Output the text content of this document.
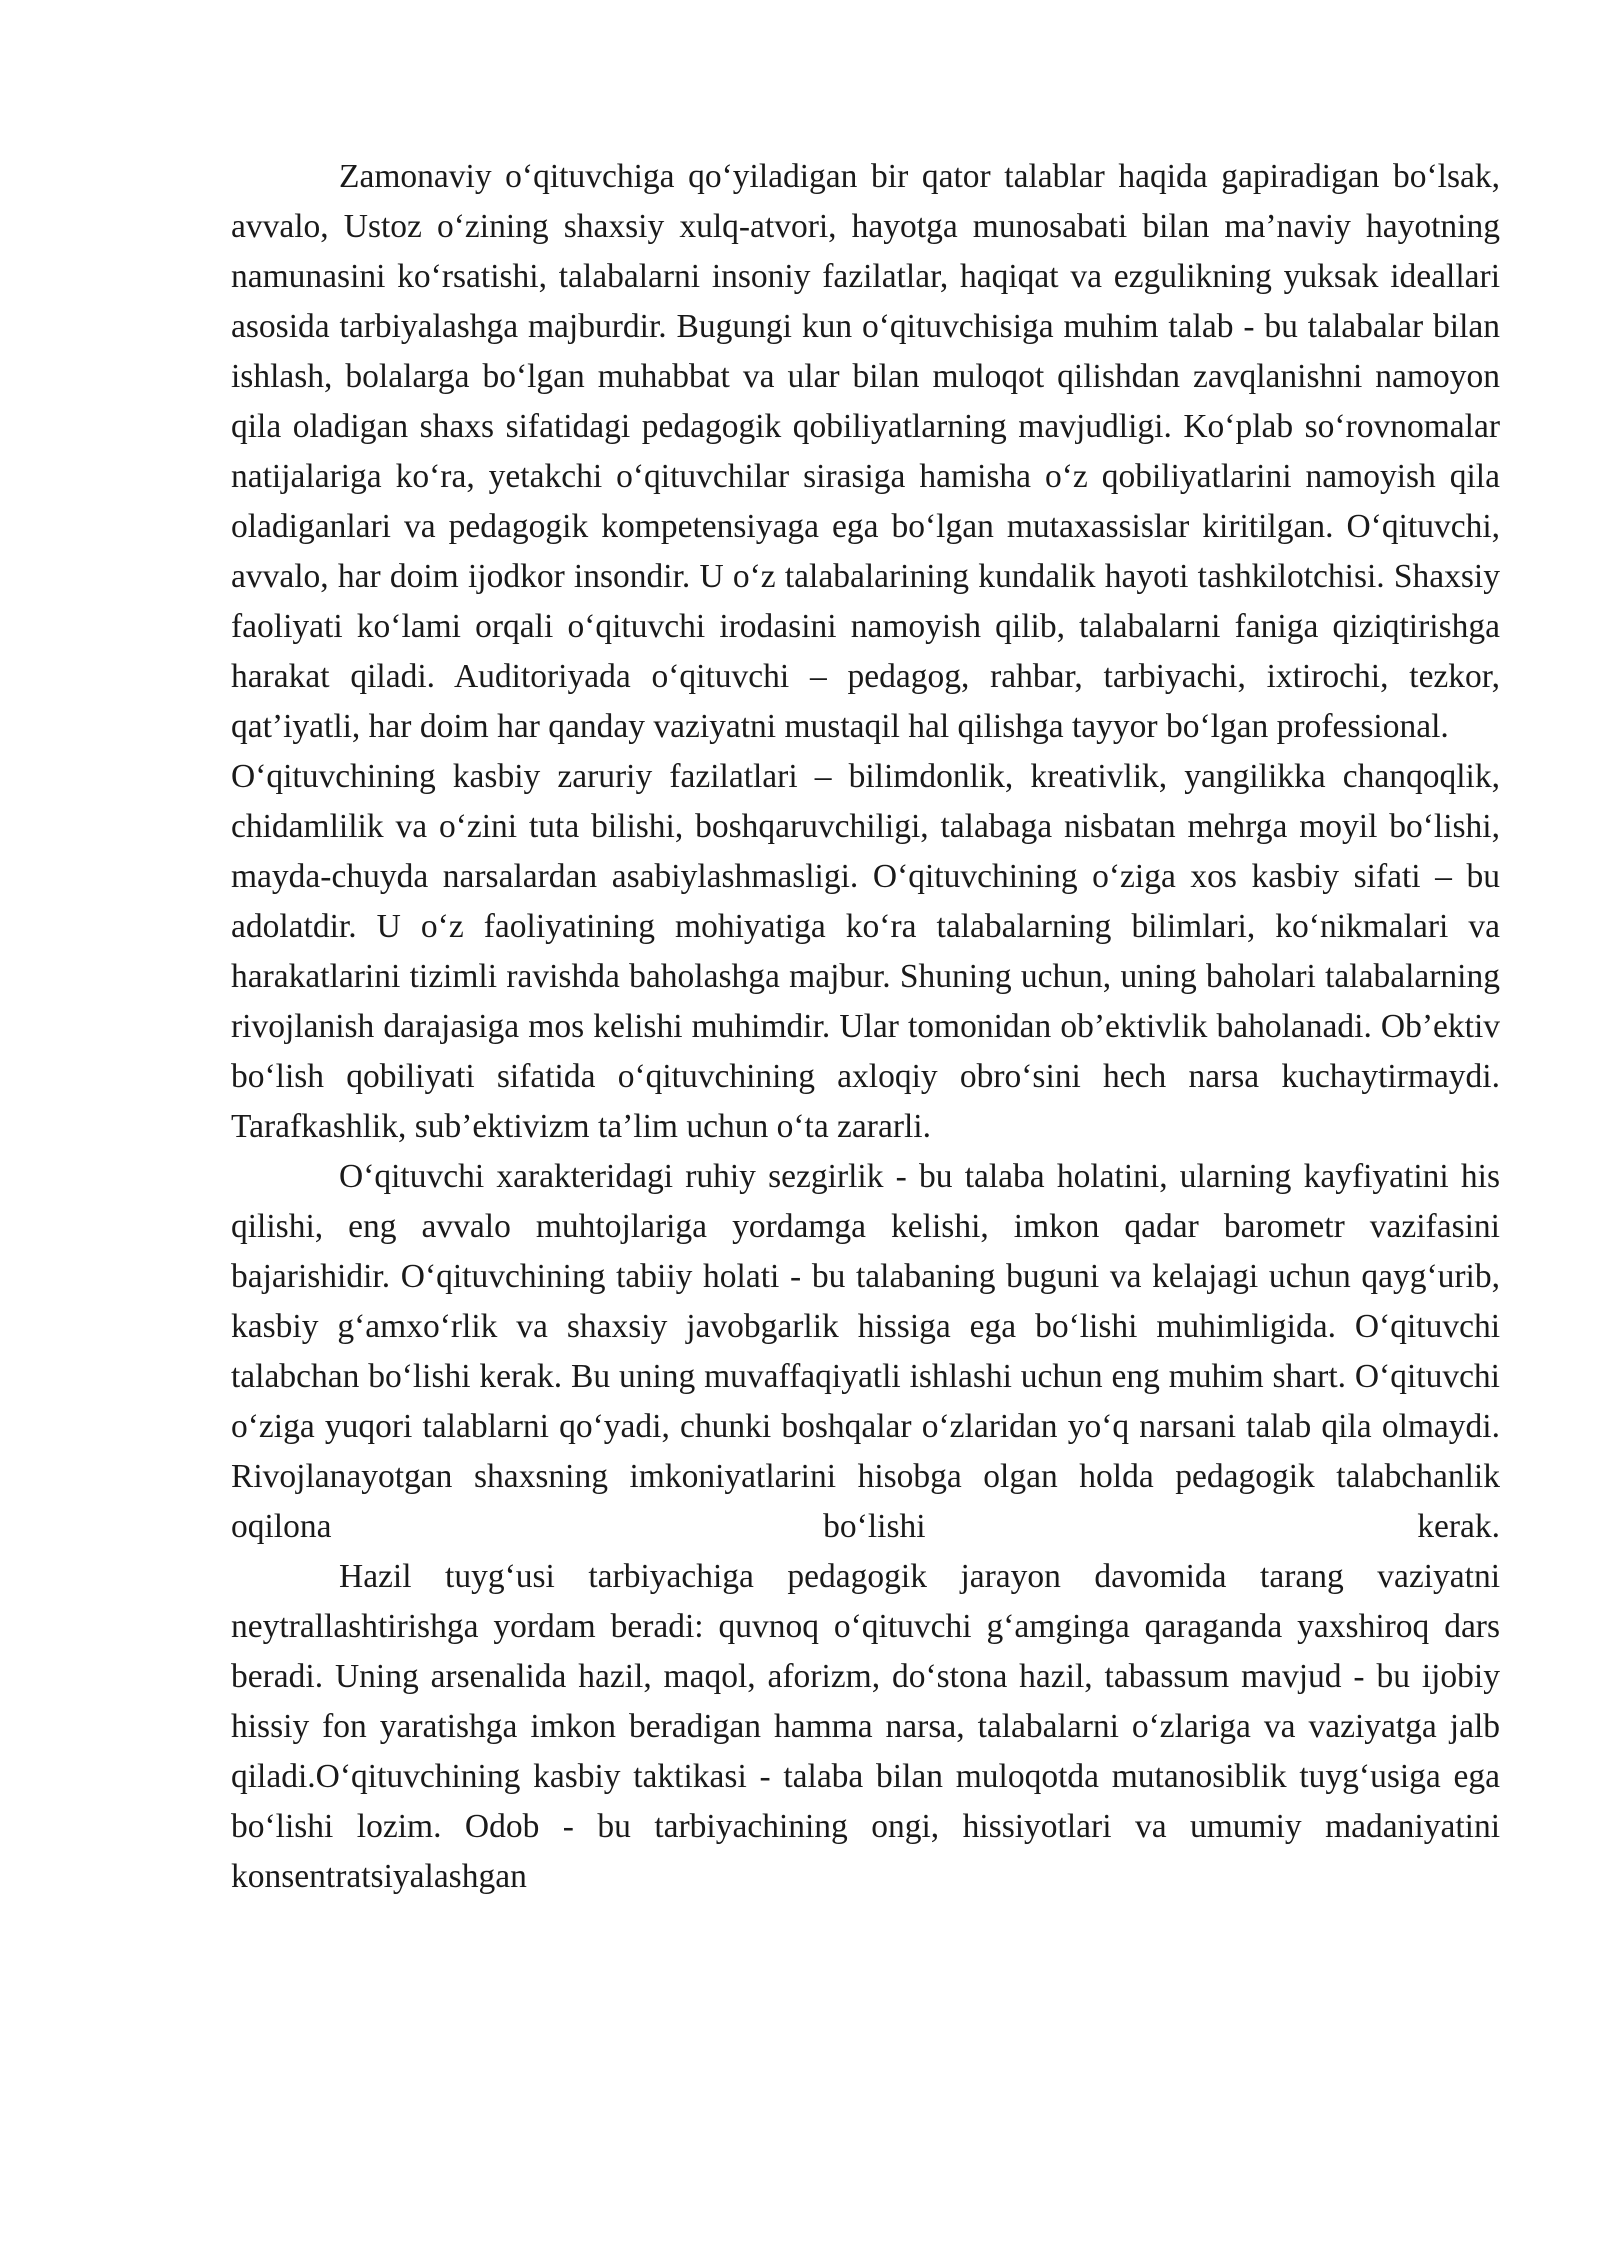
Zamonaviy o‘qituvchiga qo‘yiladigan bir qator talablar haqida gapiradigan bo‘lsak, avvalo, Ustoz o‘zining shaxsiy xulq-atvori, hayotga munosabati bilan ma’naviy hayotning namunasini ko‘rsatishi, talabalarni insoniy fazilatlar, haqiqat va ezgulikning yuksak ideallari asosida tarbiyalashga majburdir. Bugungi kun o‘qituvchisiga muhim talab - bu talabalar bilan ishlash, bolalarga bo‘lgan muhabbat va ular bilan muloqot qilishdan zavqlanishni namoyon qila oladigan shaxs sifatidagi pedagogik qobiliyatlarning mavjudligi. Ko‘plab so‘rovnomalar natijalariga ko‘ra, yetakchi o‘qituvchilar sirasiga hamisha o‘z qobiliyatlarini namoyish qila oladiganlari va pedagogik kompetensiyaga ega bo‘lgan mutaxassislar kiritilgan. O‘qituvchi, avvalo, har doim ijodkor insondir. U o‘z talabalarining kundalik hayoti tashkilotchisi. Shaxsiy faoliyati ko‘lami orqali o‘qituvchi irodasini namoyish qilib, talabalarni faniga qiziqtirishga harakat qiladi. Auditoriyada o‘qituvchi – pedagog, rahbar, tarbiyachi, ixtirochi, tezkor, qat’iyatli, har doim har qanday vaziyatni mustaqil hal qilishga tayyor bo‘lgan professional.

O‘qituvchining kasbiy zaruriy fazilatlari – bilimdonlik, kreativlik, yangilikka chanqoqlik, chidamlilik va o‘zini tuta bilishi, boshqaruvchiligi, talabaga nisbatan mehrga moyil bo‘lishi, mayda-chuyda narsalardan asabiylashmasligi. O‘qituvchining o‘ziga xos kasbiy sifati – bu adolatdir. U o‘z faoliyatining mohiyatiga ko‘ra talabalarning bilimlari, ko‘nikmalari va harakatlarini tizimli ravishda baholashga majbur. Shuning uchun, uning baholari talabalarning rivojlanish darajasiga mos kelishi muhimdir. Ular tomonidan ob’ektivlik baholanadi. Ob’ektiv bo‘lish qobiliyati sifatida o‘qituvchining axloqiy obro‘sini hech narsa kuchaytirmaydi. Tarafkashlik, sub’ektivizm ta’lim uchun o‘ta zararli.

O‘qituvchi xarakteridagi ruhiy sezgirlik - bu talaba holatini, ularning kayfiyatini his qilishi, eng avvalo muhtojlariga yordamga kelishi, imkon qadar barometr vazifasini bajarishidir. O‘qituvchining tabiiy holati - bu talabaning buguni va kelajagi uchun qayg‘urib, kasbiy g‘amxo‘rlik va shaxsiy javobgarlik hissiga ega bo‘lishi muhimligida. O‘qituvchi talabchan bo‘lishi kerak. Bu uning muvaffaqiyatli ishlashi uchun eng muhim shart. O‘qituvchi o‘ziga yuqori talablarni qo‘yadi, chunki boshqalar o‘zlaridan yo‘q narsani talab qila olmaydi. Rivojlanayotgan shaxsning imkoniyatlarini hisobga olgan holda pedagogik talabchanlik oqilona bo‘lishi kerak.

Hazil tuyg‘usi tarbiyachiga pedagogik jarayon davomida tarang vaziyatni neytrallashtirishga yordam beradi: quvnoq o‘qituvchi g‘amginga qaraganda yaxshiroq dars beradi. Uning arsenalida hazil, maqol, aforizm, do‘stona hazil, tabassum mavjud - bu ijobiy hissiy fon yaratishga imkon beradigan hamma narsa, talabalarni o‘zlariga va vaziyatga jalb qiladi.O‘qituvchining kasbiy taktikasi - talaba bilan muloqotda mutanosiblik tuyg‘usiga ega bo‘lishi lozim. Odob - bu tarbiyachining ongi, hissiyotlari va umumiy madaniyatini konsentratsiyalashgan
